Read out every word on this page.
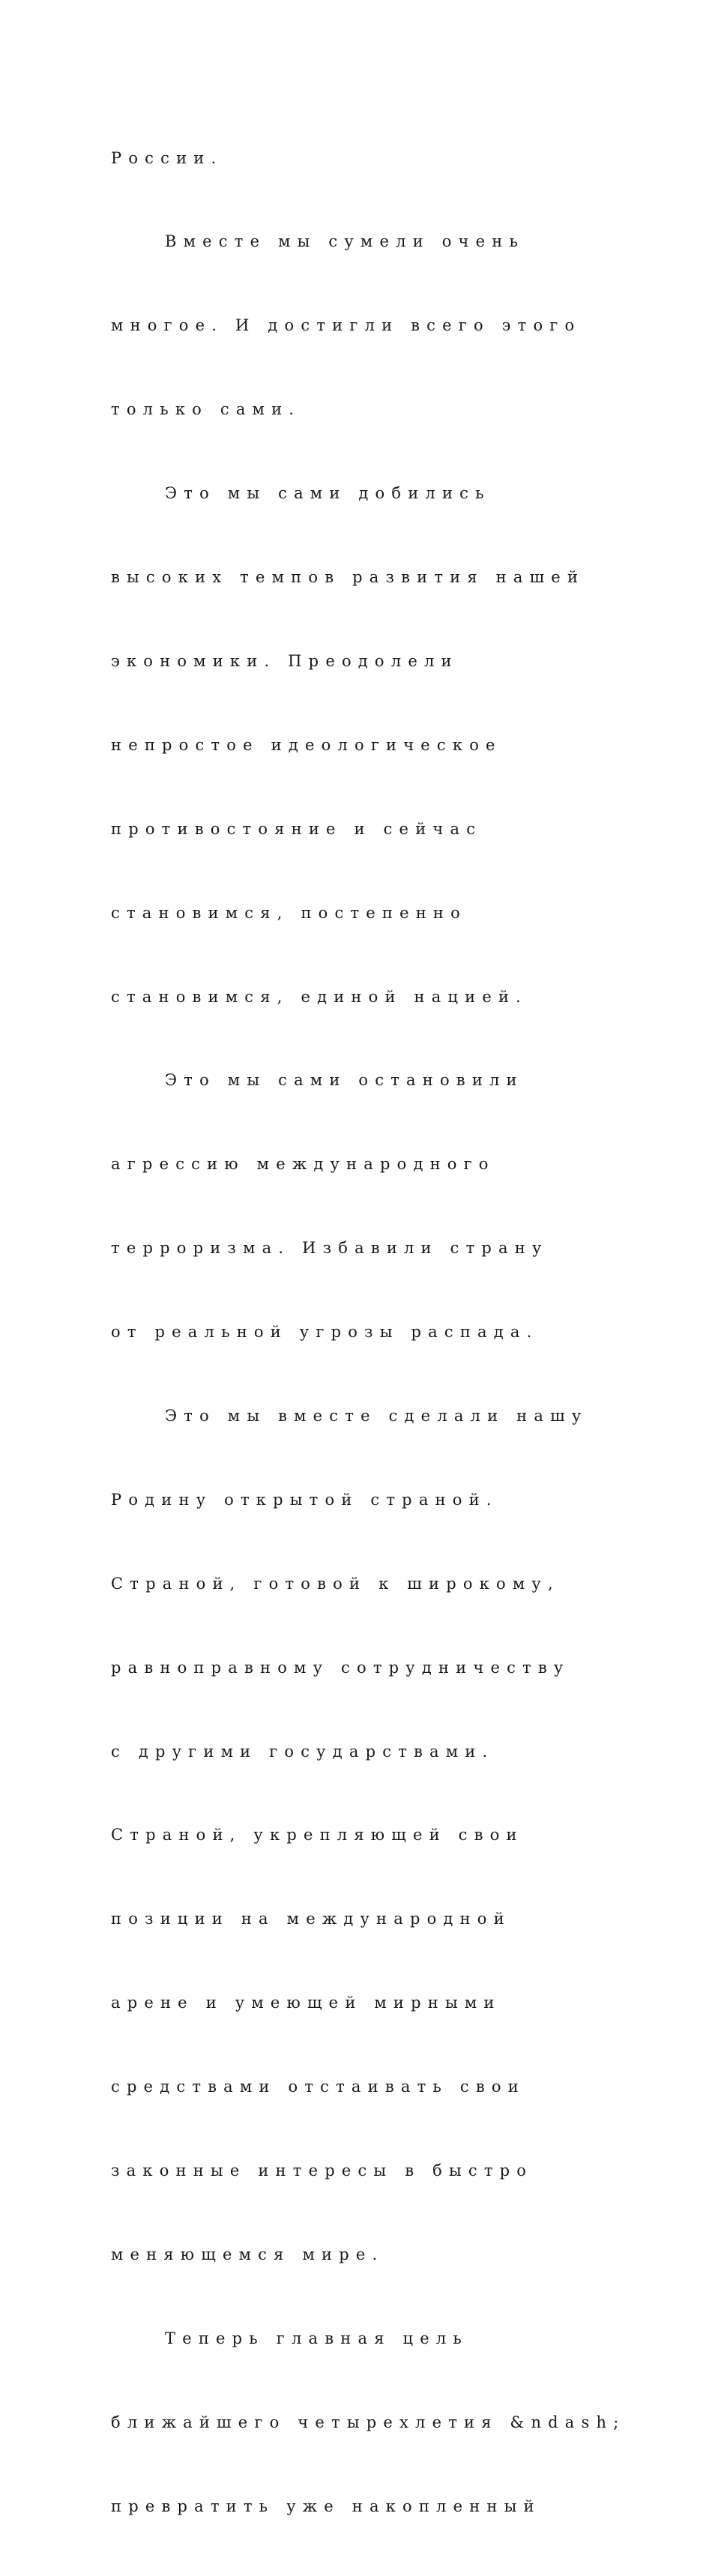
России.

Вместе мы сумели очень

многое. И достигли всего этого

только сами.

Это мы сами добились

высоких темпов развития нашей

экономики. Преодолели

непростое идеологическое

противостояние и сейчас

становимся, постепенно

становимся, единой нацией.

Это мы сами остановили

агрессию международного

терроризма. Избавили страну

от реальной угрозы распада.

Это мы вместе сделали нашу

Родину открытой страной.

Страной, готовой к широкому,

равноправному сотрудничеству

с другими государствами.

Страной, укрепляющей свои

позиции на международной

арене и умеющей мирными

средствами отстаивать свои

законные интересы в быстро

меняющемся мире.

Теперь главная цель

ближайшего четырехлетия &ndash;

превратить уже накопленный
